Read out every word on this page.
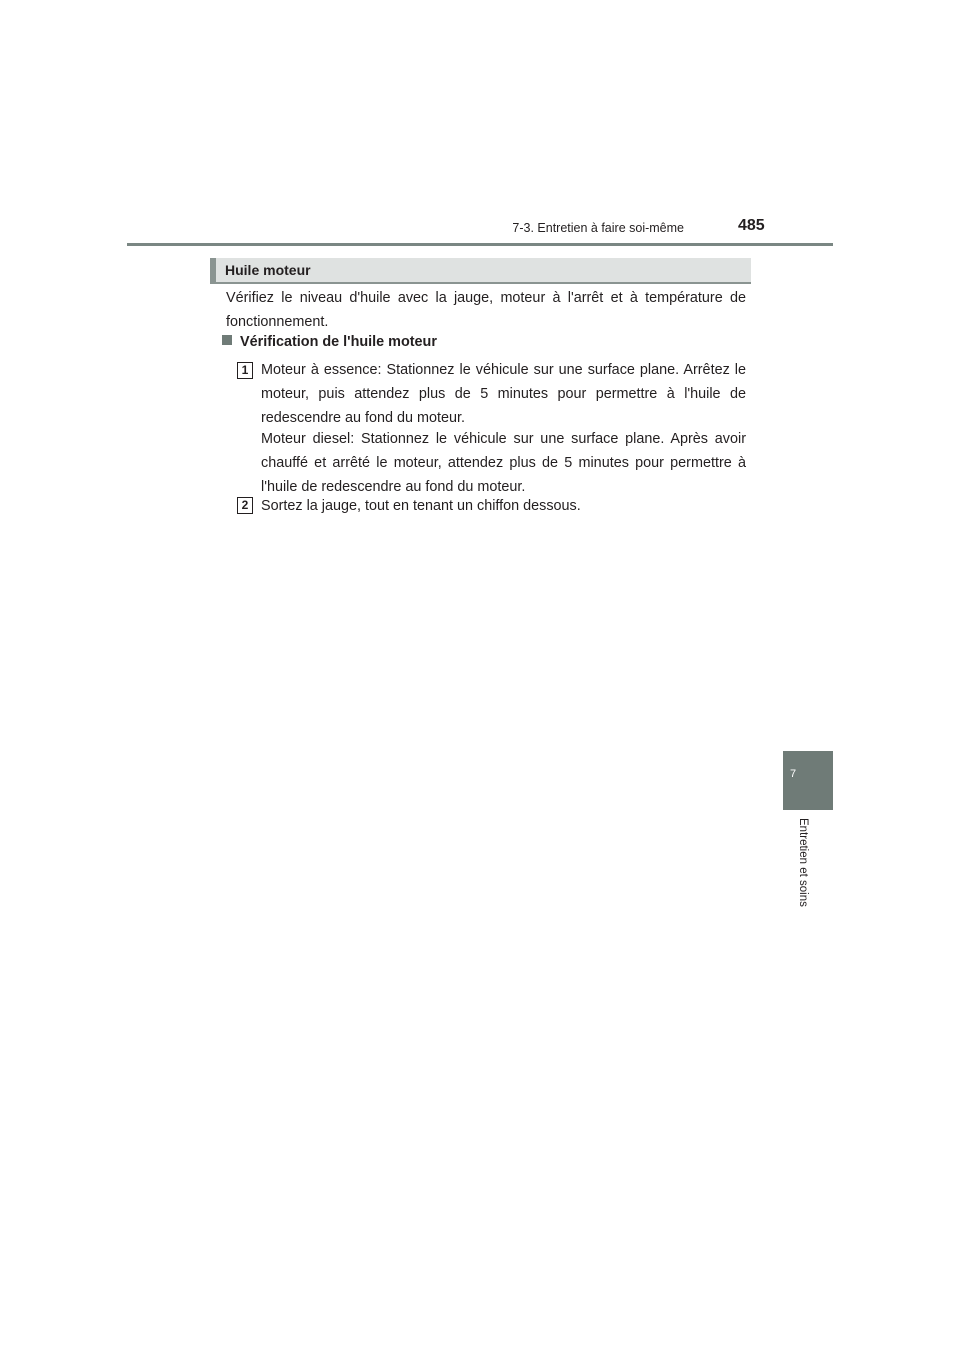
7-3. Entretien à faire soi-même	485
7
Entretien et soins
Huile moteur
Vérifiez le niveau d'huile avec la jauge, moteur à l'arrêt et à température de fonctionnement.
Vérification de l'huile moteur
1 Moteur à essence: Stationnez le véhicule sur une surface plane. Arrêtez le moteur, puis attendez plus de 5 minutes pour permettre à l'huile de redescendre au fond du moteur.
Moteur diesel: Stationnez le véhicule sur une surface plane. Après avoir chauffé et arrêté le moteur, attendez plus de 5 minutes pour permettre à l'huile de redescendre au fond du moteur.
2 Sortez la jauge, tout en tenant un chiffon dessous.
